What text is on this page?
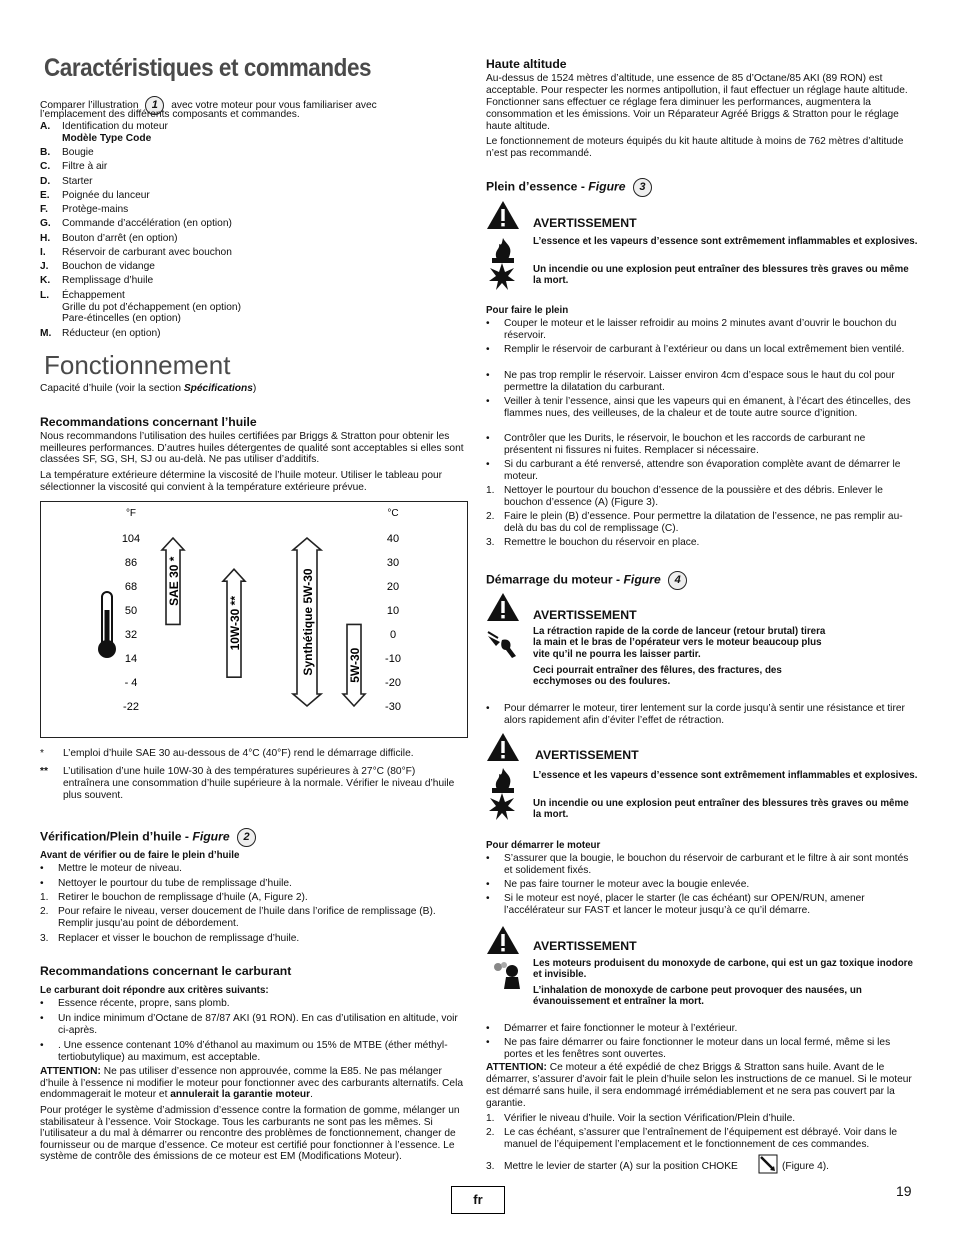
Caractéristiques et commandes
Comparer l’illustration 1 avec votre moteur pour vous familiariser avec
l’emplacement des différents composants et commandes.
A. Identification du moteur
Modèle Type Code
B. Bougie
C. Filtre à air
D. Starter
E. Poignée du lanceur
F. Protège-mains
G. Commande d’accélération (en option)
H. Bouton d’arrêt (en option)
I. Réservoir de carburant avec bouchon
J. Bouchon de vidange
K. Remplissage d’huile
L. Échappement
Grille du pot d’échappement (en option)
Pare-étincelles (en option)
M. Réducteur (en option)
Fonctionnement
Capacité d’huile (voir la section Spécifications)
Recommandations concernant l’huile
Nous recommandons l’utilisation des huiles certifiées par Briggs & Stratton pour obtenir les meilleures performances. D’autres huiles détergentes de qualité sont acceptables si elles sont classées SF, SG, SH, SJ ou au-delà. Ne pas utiliser d’additifs.
La température extérieure détermine la viscosité de l’huile moteur. Utiliser le tableau pour sélectionner la viscosité qui convient à la température extérieure prévue.
°F	°C
104	40
86	30
68	20
50	10
32	0
14	-10
- 4	-20
-22	-30
SAE 30 *
10W-30 **	Synthétique 5W-30	5W-30
* L’emploi d’huile SAE 30 au-dessous de 4°C (40°F) rend le démarrage difficile.
** L’utilisation d’une huile 10W-30 à des températures supérieures à 27°C (80°F) entraînera une consommation d’huile supérieure à la normale. Vérifier le niveau d’huile plus souvent.
Vérification/Plein d’huile - Figure 2
Avant de vérifier ou de faire le plein d’huile
• Mettre le moteur de niveau.
• Nettoyer le pourtour du tube de remplissage d’huile.
1. Retirer le bouchon de remplissage d’huile (A, Figure 2).
2. Pour refaire le niveau, verser doucement de l’huile dans l’orifice de remplissage (B). Remplir jusqu’au point de débordement.
3. Replacer et visser le bouchon de remplissage d’huile.
Recommandations concernant le carburant
Le carburant doit répondre aux critères suivants:
• Essence récente, propre, sans plomb.
• Un indice minimum d’Octane de 87/87 AKI (91 RON). En cas d’utilisation en altitude, voir ci-après.
• . Une essence contenant 10% d’éthanol au maximum ou 15% de MTBE (éther méthyl-tertiobutylique) au maximum, est acceptable.
ATTENTION: Ne pas utiliser d’essence non approuvée, comme la E85. Ne pas mélanger d’huile à l’essence ni modifier le moteur pour fonctionner avec des carburants alternatifs. Cela endommagerait le moteur et annulerait la garantie moteur.
Pour protéger le système d’admission d’essence contre la formation de gomme, mélanger un stabilisateur à l’essence. Voir Stockage. Tous les carburants ne sont pas les mêmes. Si l’utilisateur a du mal à démarrer ou rencontre des problèmes de fonctionnement, changer de fournisseur ou de marque d’essence. Ce moteur est certifié pour fonctionner à l’essence. Le système de contrôle des émissions de ce moteur est EM (Modifications Moteur).
Haute altitude
Au-dessus de 1524 mètres d’altitude, une essence de 85 d’Octane/85 AKI (89 RON) est acceptable. Pour respecter les normes antipollution, il faut effectuer un réglage haute altitude. Fonctionner sans effectuer ce réglage fera diminuer les performances, augmentera la consommation et les émissions. Voir un Réparateur Agréé Briggs & Stratton pour le réglage haute altitude.
Le fonctionnement de moteurs équipés du kit haute altitude à moins de 762 mètres d’altitude n’est pas recommandé.
Plein d’essence - Figure 3
AVERTISSEMENT
L’essence et les vapeurs d’essence sont extrêmement inflammables et explosives.
Un incendie ou une explosion peut entraîner des blessures très graves ou même la mort.
Pour faire le plein
• Couper le moteur et le laisser refroidir au moins 2 minutes avant d’ouvrir le bouchon du réservoir.
• Remplir le réservoir de carburant à l’extérieur ou dans un local extrêmement bien ventilé.
• Ne pas trop remplir le réservoir. Laisser environ 4cm d’espace sous le haut du col pour permettre la dilatation du carburant.
• Veiller à tenir l’essence, ainsi que les vapeurs qui en émanent, à l’écart des étincelles, des flammes nues, des veilleuses, de la chaleur et de toute autre source d’ignition.
• Contrôler que les Durits, le réservoir, le bouchon et les raccords de carburant ne présentent ni fissures ni fuites. Remplacer si nécessaire.
• Si du carburant a été renversé, attendre son évaporation complète avant de démarrer le moteur.
1. Nettoyer le pourtour du bouchon d’essence de la poussière et des débris. Enlever le bouchon d’essence (A) (Figure 3).
2. Faire le plein (B) d’essence. Pour permettre la dilatation de l’essence, ne pas remplir au-delà du bas du col de remplissage (C).
3. Remettre le bouchon du réservoir en place.
Démarrage du moteur - Figure 4
AVERTISSEMENT
La rétraction rapide de la corde de lanceur (retour brutal) tirera la main et le bras de l’opérateur vers le moteur beaucoup plus vite qu’il ne pourra les laisser partir.
Ceci pourrait entraîner des fêlures, des fractures, des ecchymoses ou des foulures.
• Pour démarrer le moteur, tirer lentement sur la corde jusqu’à sentir une résistance et tirer alors rapidement afin d’éviter l’effet de rétraction.
AVERTISSEMENT
L’essence et les vapeurs d’essence sont extrêmement inflammables et explosives.
Un incendie ou une explosion peut entraîner des blessures très graves ou même la mort.
Pour démarrer le moteur
• S’assurer que la bougie, le bouchon du réservoir de carburant et le filtre à air sont montés et solidement fixés.
• Ne pas faire tourner le moteur avec la bougie enlevée.
• Si le moteur est noyé, placer le starter (le cas échéant) sur OPEN/RUN, amener l’accélérateur sur FAST et lancer le moteur jusqu’à ce qu’il démarre.
AVERTISSEMENT
Les moteurs produisent du monoxyde de carbone, qui est un gaz toxique inodore et invisible.
L’inhalation de monoxyde de carbone peut provoquer des nausées, un évanouissement et entraîner la mort.
• Démarrer et faire fonctionner le moteur à l’extérieur.
• Ne pas faire démarrer ou faire fonctionner le moteur dans un local fermé, même si les portes et les fenêtres sont ouvertes.
ATTENTION: Ce moteur a été expédié de chez Briggs & Stratton sans huile. Avant de le démarrer, s’assurer d’avoir fait le plein d’huile selon les instructions de ce manuel. Si le moteur est démarré sans huile, il sera endommagé irrémédiablement et ne sera pas couvert par la garantie.
1. Vérifier le niveau d’huile. Voir la section Vérification/Plein d’huile.
2. Le cas échéant, s’assurer que l’entraînement de l’équipement est débrayé. Voir dans le manuel de l’équipement l’emplacement et le fonctionnement de ces commandes.
3. Mettre le levier de starter (A) sur la position CHOKE	(Figure 4).
fr
19
